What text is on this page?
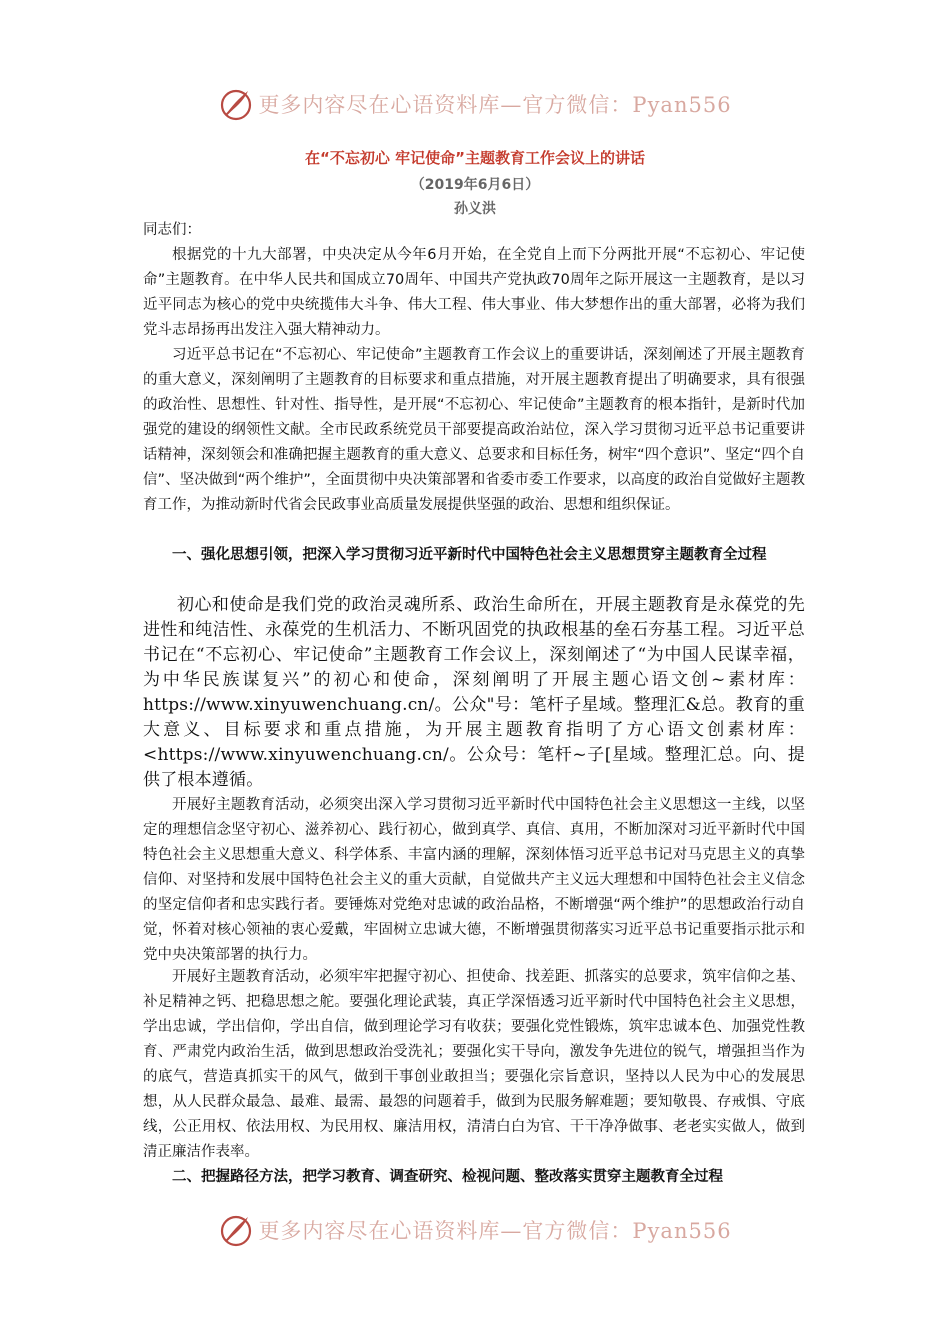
更多内容尽在心语资料库—官方微信：Pyan556
在“不忘初心 牢记使命”主题教育工作会议上的讲话
（2019年6月6日）
孙义洪
同志们：

根据党的十九大部署，中央决定从今年6月开始，在全党自上而下分两批开展“不忘初心、牢记使命”主题教育。在中华人民共和国成立70周年、中国共产党执政70周年之际开展这一主题教育，是以习近平同志为核心的党中央统揽伟大斗争、伟大工程、伟大事业、伟大梦想作出的重大部署，必将为我们党斗志昂扬再出发注入强大精神动力。

习近平总书记在“不忘初心、牢记使命”主题教育工作会议上的重要讲话，深刻阐述了开展主题教育的重大意义，深刻阐明了主题教育的目标要求和重点措施，对开展主题教育提出了明确要求，具有很强的政治性、思想性、针对性、指导性，是开展“不忘初心、牢记使命”主题教育的根本指针，是新时代加强党的建设的纲领性文献。全市民政系统党员干部要提高政治站位，深入学习贯彻习近平总书记重要讲话精神，深刻领会和准确把握主题教育的重大意义、总要求和目标任务，树牢“四个意识”、坚定“四个自信”、坚决做到“两个维护”，全面贯彻中央决策部署和省委市委工作要求，以高度的政治自觉做好主题教育工作，为推动新时代省会民政事业高质量发展提供坚强的政治、思想和组织保证。

一、强化思想引领，把深入学习贯彻习近平新时代中国特色社会主义思想贯穿主题教育全过程

初心和使命是我们党的政治灵魂所系、政治生命所在，开展主题教育是永葆党的先进性和纯洁性、永葆党的生机活力、不断巩固党的执政根基的垒石夯基工程。习近平总书记在“不忘初心、牢记使命”主题教育工作会议上，深刻阐述了“为中国人民谋幸福，为中华民族谋复兴”的初心和使命，深刻阐明了开展主题心语文创~素材库：https://www.xinyuwenchuang.cn/。公众"号：笔杆子星域。整理汇&总。教育的重大意义、目标要求和重点措施，为开展主题教育指明了方心语文创素材库：<https://www.xinyuwenchuang.cn/。公众号：笔杆~子[星域。整理汇总。向、提供了根本遵循。

开展好主题教育活动，必须突出深入学习贯彻习近平新时代中国特色社会主义思想这一主线，以坚定的理想信念坚守初心、滋养初心、践行初心，做到真学、真信、真用，不断加深对习近平新时代中国特色社会主义思想重大意义、科学体系、丰富内涵的理解，深刻体悟习近平总书记对马克思主义的真挚信仰、对坚持和发展中国特色社会主义的重大贡献，自觉做共产主义远大理想和中国特色社会主义信念的坚定信仰者和忠实践行者。要锤炼对党绝对忠诚的政治品格，不断增强“两个维护”的思想政治行动自觉，怀着对核心领袖的衷心爱戴，牢固树立忠诚大德，不断增强贯彻落实习近平总书记重要指示批示和党中央决策部署的执行力。

开展好主题教育活动，必须牢牢把握守初心、担使命、找差距、抓落实的总要求，筑牢信仰之基、补足精神之钙、把稳思想之舵。要强化理论武装，真正学深悟透习近平新时代中国特色社会主义思想，学出忠诚，学出信仰，学出自信，做到理论学习有收获；要强化党性锻炼，筑牢忠诚本色、加强党性教育、严肃党内政治生活，做到思想政治受洗礼；要强化实干导向，激发争先进位的锐气，增强担当作为的底气，营造真抓实干的风气，做到干事创业敢担当；要强化宗旨意识，坚持以人民为中心的发展思想，从人民群众最急、最难、最需、最怨的问题着手，做到为民服务解难题；要知敬畏、存戒惧、守底线，公正用权、依法用权、为民用权、廉洁用权，清清白白为官、干干净净做事、老老实实做人，做到清正廉洁作表率。

二、把握路径方法，把学习教育、调查研究、检视问题、整改落实贯穿主题教育全过程

更多内容尽在心语资料库—官方微信：Pyan556
